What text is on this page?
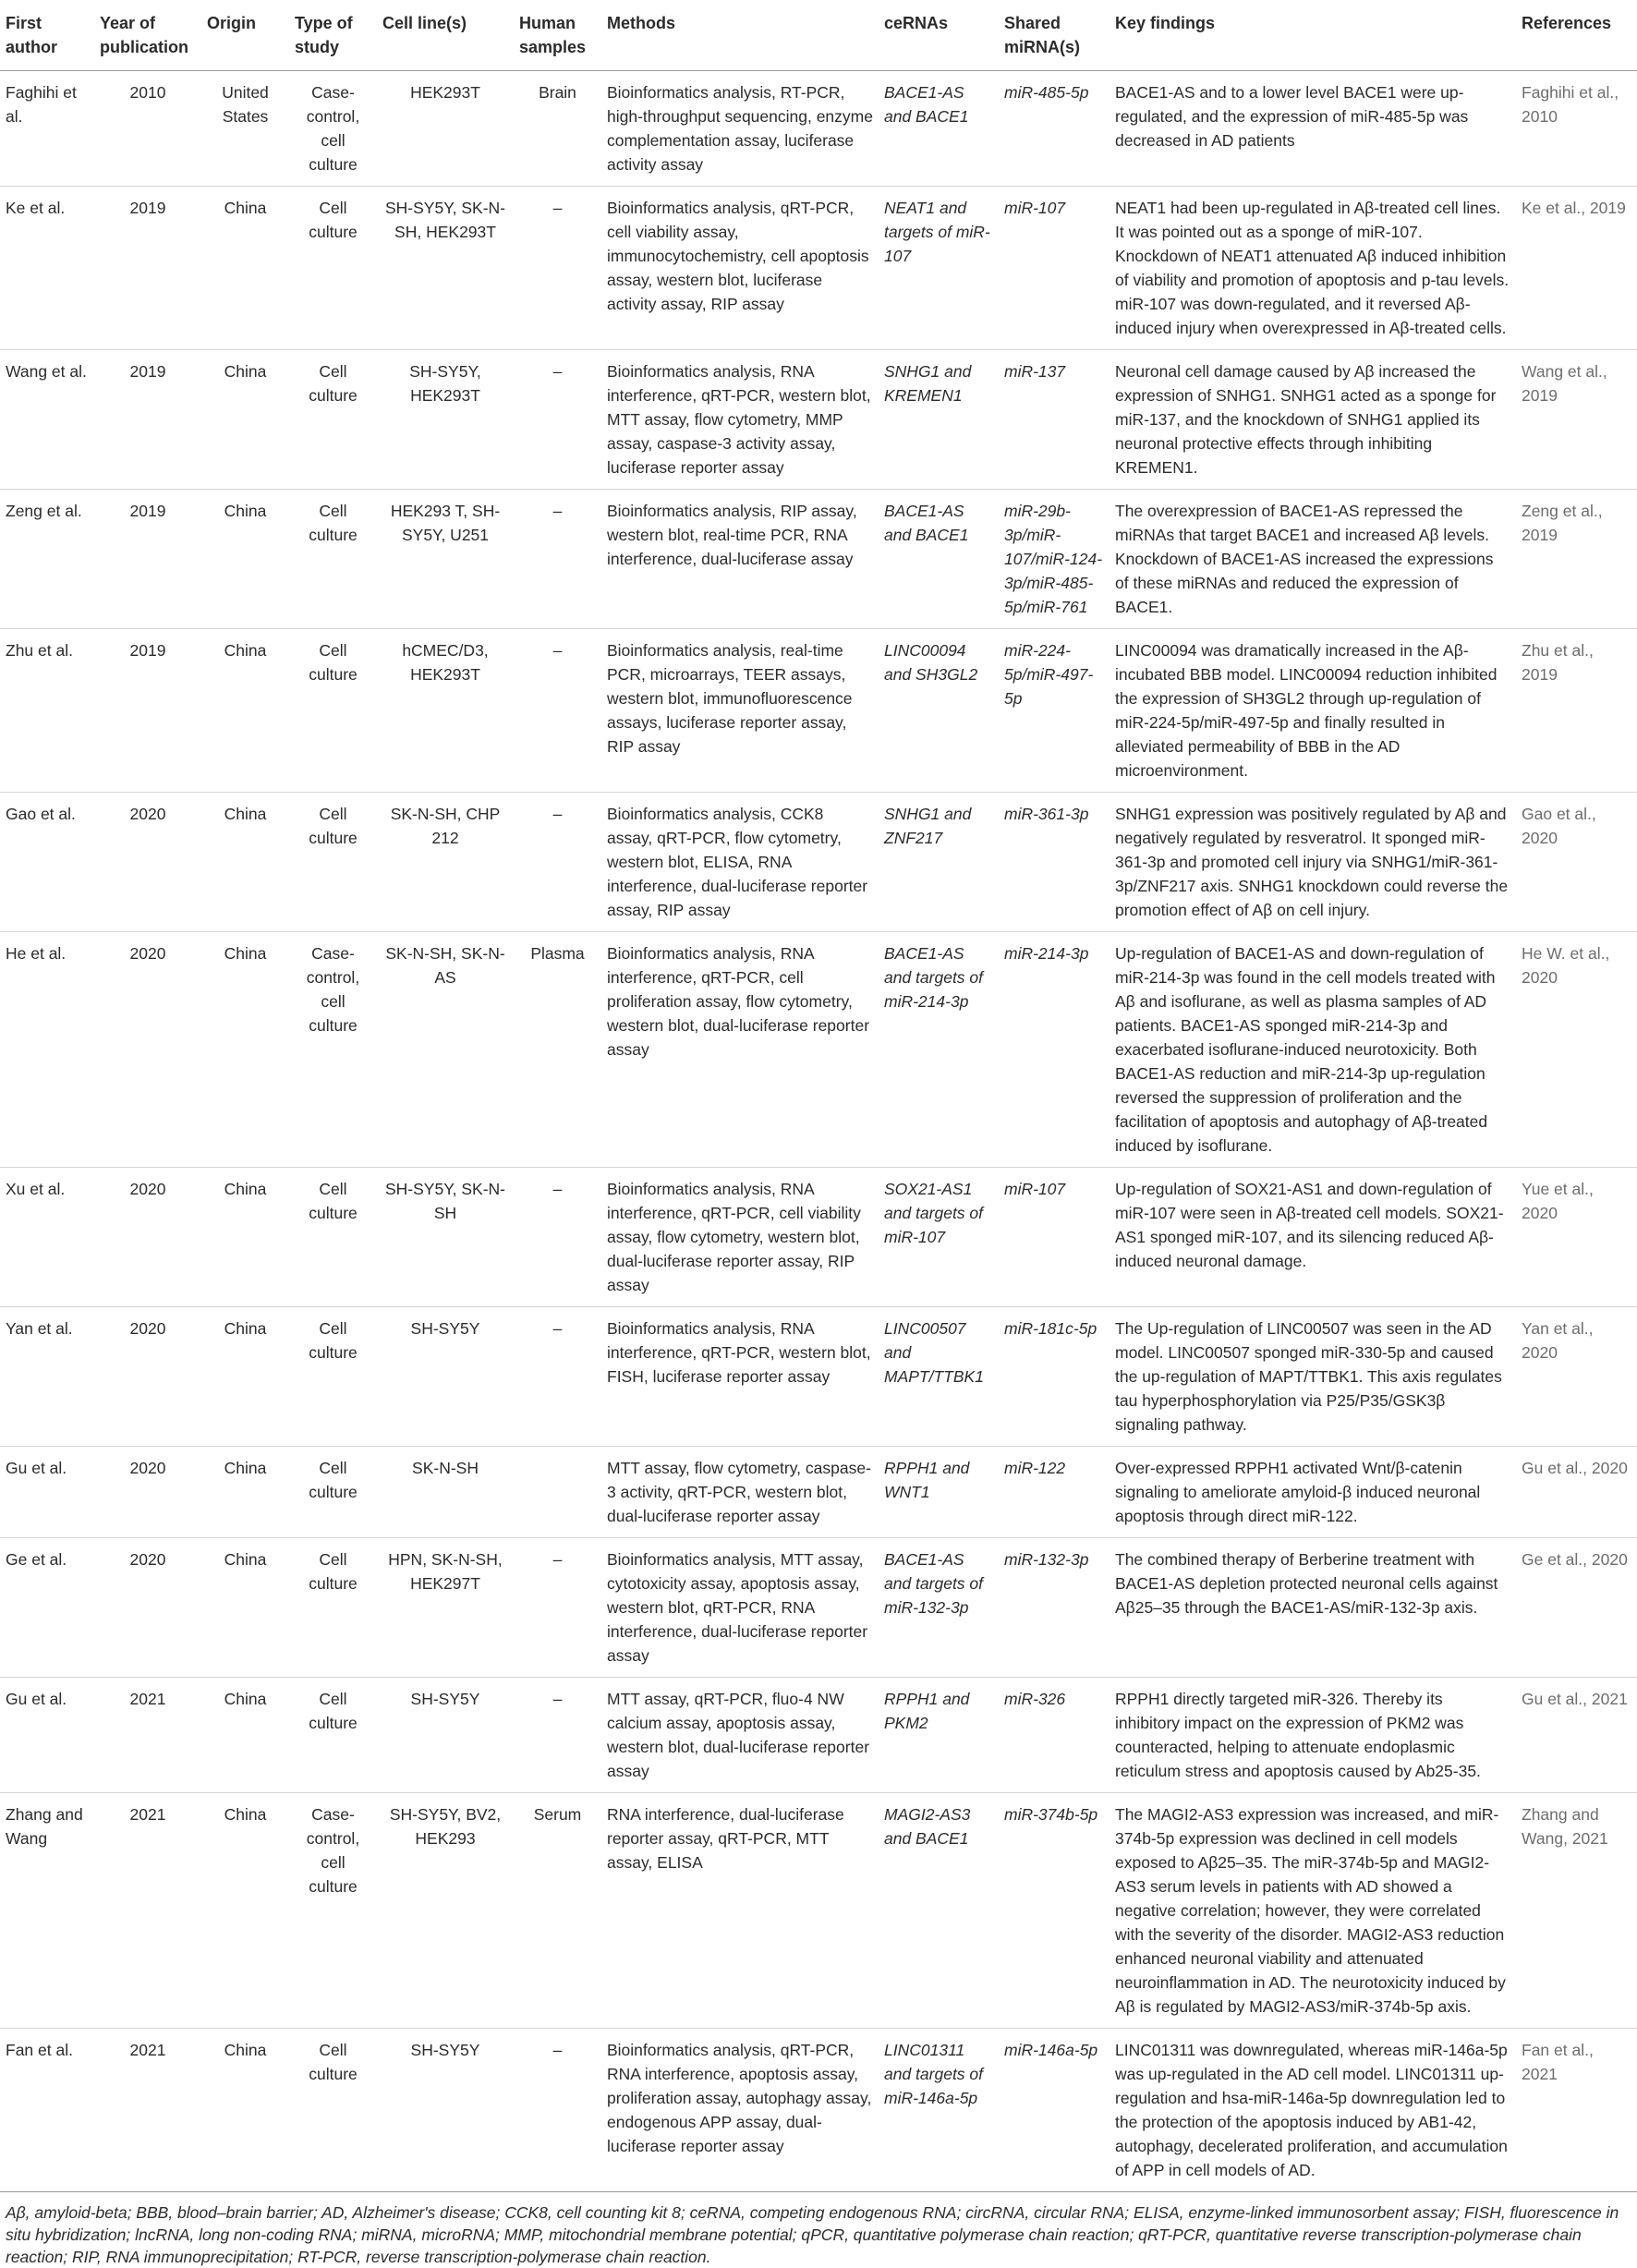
First author	Year of publication	Origin	Type of study	Cell line(s)	Human samples	Methods	ceRNAs	Shared miRNA(s)	Key findings	References
Faghihi et al.	2010	United States	Case-control, cell culture	HEK293T	Brain	Bioinformatics analysis, RT-PCR, high-throughput sequencing, enzyme complementation assay, luciferase activity assay	BACE1-AS and BACE1	miR-485-5p	BACE1-AS and to a lower level BACE1 were up-regulated, and the expression of miR-485-5p was decreased in AD patients	Faghihi et al., 2010
Ke et al.	2019	China	Cell culture	SH-SY5Y, SK-N-SH, HEK293T	–	Bioinformatics analysis, qRT-PCR, cell viability assay, immunocytochemistry, cell apoptosis assay, western blot, luciferase activity assay, RIP assay	NEAT1 and targets of miR-107	miR-107	NEAT1 had been up-regulated in Aβ-treated cell lines. It was pointed out as a sponge of miR-107. Knockdown of NEAT1 attenuated Aβ induced inhibition of viability and promotion of apoptosis and p-tau levels. miR-107 was down-regulated, and it reversed Aβ-induced injury when overexpressed in Aβ-treated cells.	Ke et al., 2019
Wang et al.	2019	China	Cell culture	SH-SY5Y, HEK293T	–	Bioinformatics analysis, RNA interference, qRT-PCR, western blot, MTT assay, flow cytometry, MMP assay, caspase-3 activity assay, luciferase reporter assay	SNHG1 and KREMEN1	miR-137	Neuronal cell damage caused by Aβ increased the expression of SNHG1. SNHG1 acted as a sponge for miR-137, and the knockdown of SNHG1 applied its neuronal protective effects through inhibiting KREMEN1.	Wang et al., 2019
Zeng et al.	2019	China	Cell culture	HEK293 T, SH-SY5Y, U251	–	Bioinformatics analysis, RIP assay, western blot, real-time PCR, RNA interference, dual-luciferase assay	BACE1-AS and BACE1	miR-29b-3p/miR-107/miR-124-3p/miR-485-5p/miR-761	The overexpression of BACE1-AS repressed the miRNAs that target BACE1 and increased Aβ levels. Knockdown of BACE1-AS increased the expressions of these miRNAs and reduced the expression of BACE1.	Zeng et al., 2019
Zhu et al.	2019	China	Cell culture	hCMEC/D3, HEK293T	–	Bioinformatics analysis, real-time PCR, microarrays, TEER assays, western blot, immunofluorescence assays, luciferase reporter assay, RIP assay	LINC00094 and SH3GL2	miR-224-5p/miR-497-5p	LINC00094 was dramatically increased in the Aβ-incubated BBB model. LINC00094 reduction inhibited the expression of SH3GL2 through up-regulation of miR-224-5p/miR-497-5p and finally resulted in alleviated permeability of BBB in the AD microenvironment.	Zhu et al., 2019
Gao et al.	2020	China	Cell culture	SK-N-SH, CHP 212	–	Bioinformatics analysis, CCK8 assay, qRT-PCR, flow cytometry, western blot, ELISA, RNA interference, dual-luciferase reporter assay, RIP assay	SNHG1 and ZNF217	miR-361-3p	SNHG1 expression was positively regulated by Aβ and negatively regulated by resveratrol. It sponged miR-361-3p and promoted cell injury via SNHG1/miR-361-3p/ZNF217 axis. SNHG1 knockdown could reverse the promotion effect of Aβ on cell injury.	Gao et al., 2020
He et al.	2020	China	Case-control, cell culture	SK-N-SH, SK-N-AS	Plasma	Bioinformatics analysis, RNA interference, qRT-PCR, cell proliferation assay, flow cytometry, western blot, dual-luciferase reporter assay	BACE1-AS and targets of miR-214-3p	miR-214-3p	Up-regulation of BACE1-AS and down-regulation of miR-214-3p was found in the cell models treated with Aβ and isoflurane, as well as plasma samples of AD patients. BACE1-AS sponged miR-214-3p and exacerbated isoflurane-induced neurotoxicity. Both BACE1-AS reduction and miR-214-3p up-regulation reversed the suppression of proliferation and the facilitation of apoptosis and autophagy of Aβ-treated induced by isoflurane.	He W. et al., 2020
Xu et al.	2020	China	Cell culture	SH-SY5Y, SK-N-SH	–	Bioinformatics analysis, RNA interference, qRT-PCR, cell viability assay, flow cytometry, western blot, dual-luciferase reporter assay, RIP assay	SOX21-AS1 and targets of miR-107	miR-107	Up-regulation of SOX21-AS1 and down-regulation of miR-107 were seen in Aβ-treated cell models. SOX21-AS1 sponged miR-107, and its silencing reduced Aβ-induced neuronal damage.	Yue et al., 2020
Yan et al.	2020	China	Cell culture	SH-SY5Y	–	Bioinformatics analysis, RNA interference, qRT-PCR, western blot, FISH, luciferase reporter assay	LINC00507 and MAPT/TTBK1	miR-181c-5p	The Up-regulation of LINC00507 was seen in the AD model. LINC00507 sponged miR-330-5p and caused the up-regulation of MAPT/TTBK1. This axis regulates tau hyperphosphorylation via P25/P35/GSK3β signaling pathway.	Yan et al., 2020
Gu et al.	2020	China	Cell culture	SK-N-SH		MTT assay, flow cytometry, caspase-3 activity, qRT-PCR, western blot, dual-luciferase reporter assay	RPPH1 and WNT1	miR-122	Over-expressed RPPH1 activated Wnt/β-catenin signaling to ameliorate amyloid-β induced neuronal apoptosis through direct miR-122.	Gu et al., 2020
Ge et al.	2020	China	Cell culture	HPN, SK-N-SH, HEK297T	–	Bioinformatics analysis, MTT assay, cytotoxicity assay, apoptosis assay, western blot, qRT-PCR, RNA interference, dual-luciferase reporter assay	BACE1-AS and targets of miR-132-3p	miR-132-3p	The combined therapy of Berberine treatment with BACE1-AS depletion protected neuronal cells against Aβ25–35 through the BACE1-AS/miR-132-3p axis.	Ge et al., 2020
Gu et al.	2021	China	Cell culture	SH-SY5Y	–	MTT assay, qRT-PCR, fluo-4 NW calcium assay, apoptosis assay, western blot, dual-luciferase reporter assay	RPPH1 and PKM2	miR-326	RPPH1 directly targeted miR-326. Thereby its inhibitory impact on the expression of PKM2 was counteracted, helping to attenuate endoplasmic reticulum stress and apoptosis caused by Ab25-35.	Gu et al., 2021
Zhang and Wang	2021	China	Case-control, cell culture	SH-SY5Y, BV2, HEK293	Serum	RNA interference, dual-luciferase reporter assay, qRT-PCR, MTT assay, ELISA	MAGI2-AS3 and BACE1	miR-374b-5p	The MAGI2-AS3 expression was increased, and miR-374b-5p expression was declined in cell models exposed to Aβ25–35. The miR-374b-5p and MAGI2-AS3 serum levels in patients with AD showed a negative correlation; however, they were correlated with the severity of the disorder. MAGI2-AS3 reduction enhanced neuronal viability and attenuated neuroinflammation in AD. The neurotoxicity induced by Aβ is regulated by MAGI2-AS3/miR-374b-5p axis.	Zhang and Wang, 2021
Fan et al.	2021	China	Cell culture	SH-SY5Y	–	Bioinformatics analysis, qRT-PCR, RNA interference, apoptosis assay, proliferation assay, autophagy assay, endogenous APP assay, dual-luciferase reporter assay	LINC01311 and targets of miR-146a-5p	miR-146a-5p	LINC01311 was downregulated, whereas miR-146a-5p was up-regulated in the AD cell model. LINC01311 up-regulation and hsa-miR-146a-5p downregulation led to the protection of the apoptosis induced by AB1-42, autophagy, decelerated proliferation, and accumulation of APP in cell models of AD.	Fan et al., 2021
Aβ, amyloid-beta; BBB, blood–brain barrier; AD, Alzheimer's disease; CCK8, cell counting kit 8; ceRNA, competing endogenous RNA; circRNA, circular RNA; ELISA, enzyme-linked immunosorbent assay; FISH, fluorescence in situ hybridization; lncRNA, long non-coding RNA; miRNA, microRNA; MMP, mitochondrial membrane potential; qPCR, quantitative polymerase chain reaction; qRT-PCR, quantitative reverse transcription-polymerase chain reaction; RIP, RNA immunoprecipitation; RT-PCR, reverse transcription-polymerase chain reaction.
